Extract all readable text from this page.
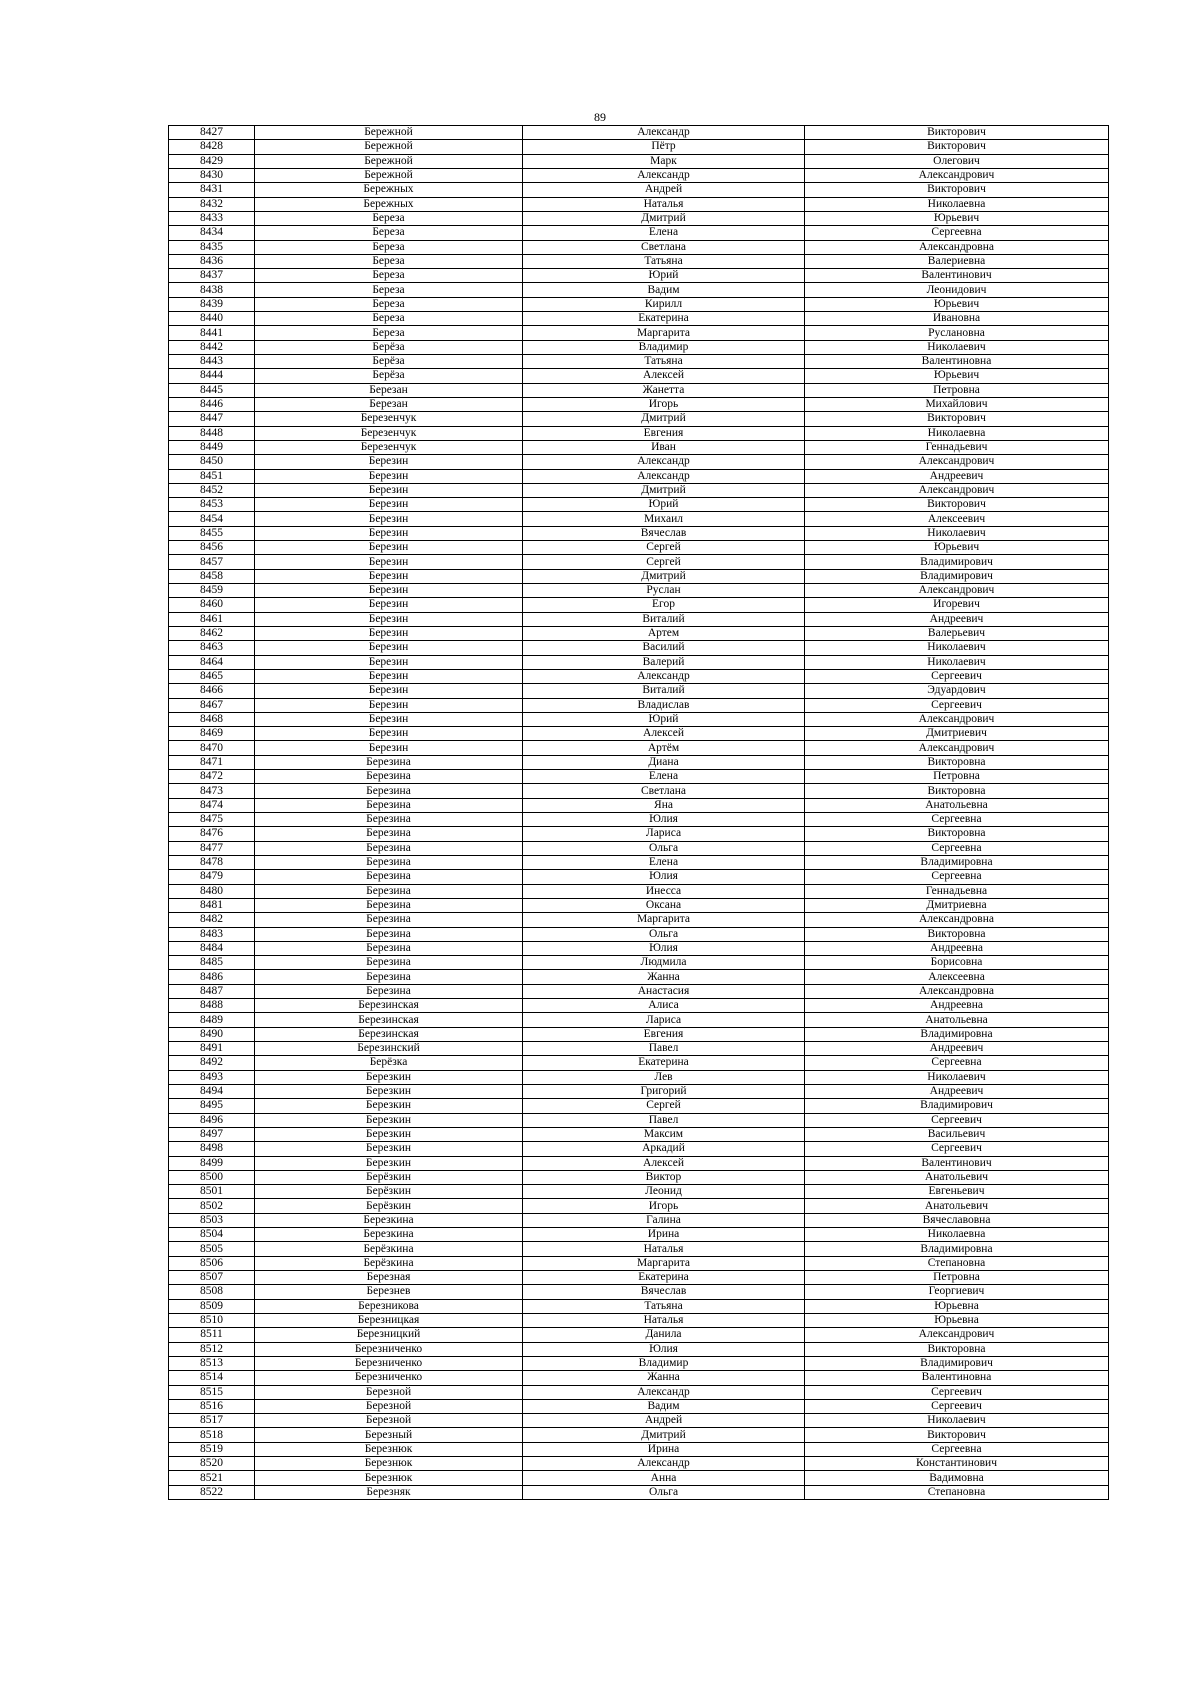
89
8427	Бережной	Александр	Викторович
8428	Бережной	Пётр	Викторович
8429	Бережной	Марк	Олегович
8430	Бережной	Александр	Александрович
8431	Бережных	Андрей	Викторович
8432	Бережных	Наталья	Николаевна
8433	Береза	Дмитрий	Юрьевич
8434	Береза	Елена	Сергеевна
8435	Береза	Светлана	Александровна
8436	Береза	Татьяна	Валериевна
8437	Береза	Юрий	Валентинович
8438	Береза	Вадим	Леонидович
8439	Береза	Кирилл	Юрьевич
8440	Береза	Екатерина	Ивановна
8441	Береза	Маргарита	Руслановна
8442	Берёза	Владимир	Николаевич
8443	Берёза	Татьяна	Валентиновна
8444	Берёза	Алексей	Юрьевич
8445	Березан	Жанетта	Петровна
8446	Березан	Игорь	Михайлович
8447	Березенчук	Дмитрий	Викторович
8448	Березенчук	Евгения	Николаевна
8449	Березенчук	Иван	Геннадьевич
8450	Березин	Александр	Александрович
8451	Березин	Александр	Андреевич
8452	Березин	Дмитрий	Александрович
8453	Березин	Юрий	Викторович
8454	Березин	Михаил	Алексеевич
8455	Березин	Вячеслав	Николаевич
8456	Березин	Сергей	Юрьевич
8457	Березин	Сергей	Владимирович
8458	Березин	Дмитрий	Владимирович
8459	Березин	Руслан	Александрович
8460	Березин	Егор	Игоревич
8461	Березин	Виталий	Андреевич
8462	Березин	Артем	Валерьевич
8463	Березин	Василий	Николаевич
8464	Березин	Валерий	Николаевич
8465	Березин	Александр	Сергеевич
8466	Березин	Виталий	Эдуардович
8467	Березин	Владислав	Сергеевич
8468	Березин	Юрий	Александрович
8469	Березин	Алексей	Дмитриевич
8470	Березин	Артём	Александрович
8471	Березина	Диана	Викторовна
8472	Березина	Елена	Петровна
8473	Березина	Светлана	Викторовна
8474	Березина	Яна	Анатольевна
8475	Березина	Юлия	Сергеевна
8476	Березина	Лариса	Викторовна
8477	Березина	Ольга	Сергеевна
8478	Березина	Елена	Владимировна
8479	Березина	Юлия	Сергеевна
8480	Березина	Инесса	Геннадьевна
8481	Березина	Оксана	Дмитриевна
8482	Березина	Маргарита	Александровна
8483	Березина	Ольга	Викторовна
8484	Березина	Юлия	Андреевна
8485	Березина	Людмила	Борисовна
8486	Березина	Жанна	Алексеевна
8487	Березина	Анастасия	Александровна
8488	Березинская	Алиса	Андреевна
8489	Березинская	Лариса	Анатольевна
8490	Березинская	Евгения	Владимировна
8491	Березинский	Павел	Андреевич
8492	Берёзка	Екатерина	Сергеевна
8493	Березкин	Лев	Николаевич
8494	Березкин	Григорий	Андреевич
8495	Березкин	Сергей	Владимирович
8496	Березкин	Павел	Сергеевич
8497	Березкин	Максим	Васильевич
8498	Березкин	Аркадий	Сергеевич
8499	Березкин	Алексей	Валентинович
8500	Берёзкин	Виктор	Анатольевич
8501	Берёзкин	Леонид	Евгеньевич
8502	Берёзкин	Игорь	Анатольевич
8503	Березкина	Галина	Вячеславовна
8504	Березкина	Ирина	Николаевна
8505	Берёзкина	Наталья	Владимировна
8506	Берёзкина	Маргарита	Степановна
8507	Березная	Екатерина	Петровна
8508	Березнев	Вячеслав	Георгиевич
8509	Березникова	Татьяна	Юрьевна
8510	Березницкая	Наталья	Юрьевна
8511	Березницкий	Данила	Александрович
8512	Березниченко	Юлия	Викторовна
8513	Березниченко	Владимир	Владимирович
8514	Березниченко	Жанна	Валентиновна
8515	Березной	Александр	Сергеевич
8516	Березной	Вадим	Сергеевич
8517	Березной	Андрей	Николаевич
8518	Березный	Дмитрий	Викторович
8519	Березнюк	Ирина	Сергеевна
8520	Березнюк	Александр	Константинович
8521	Березнюк	Анна	Вадимовна
8522	Березняк	Ольга	Степановна
